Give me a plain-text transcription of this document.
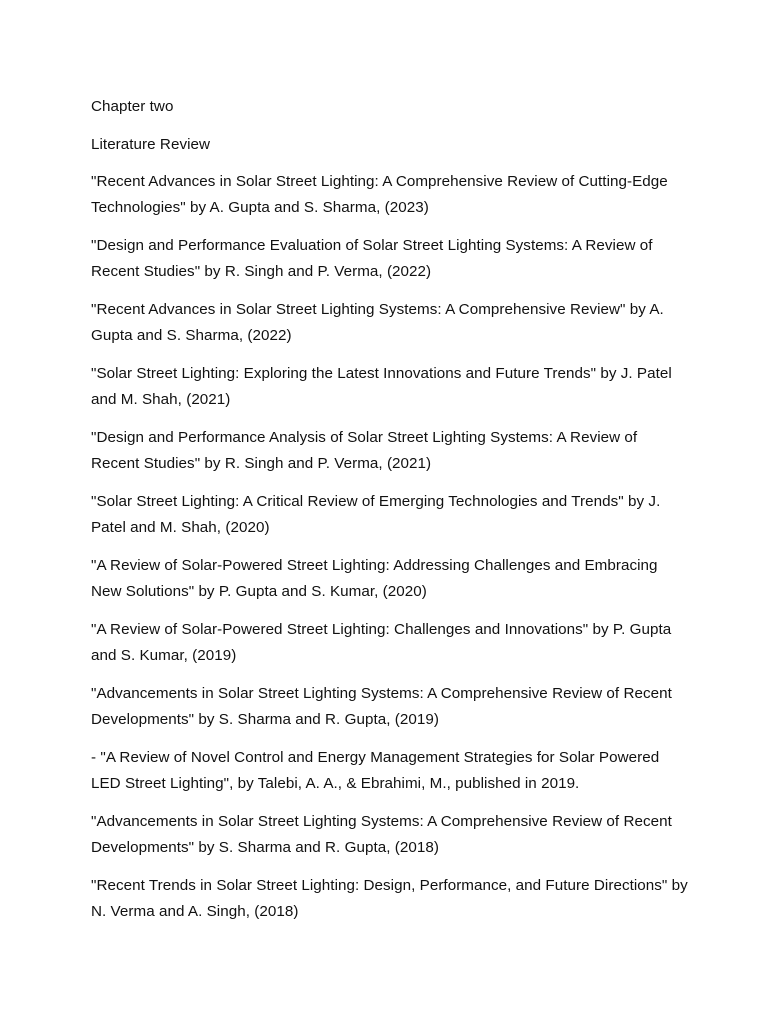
Chapter two

Literature Review

"Recent Advances in Solar Street Lighting: A Comprehensive Review of Cutting-Edge Technologies" by A. Gupta and S. Sharma, (2023)

"Design and Performance Evaluation of Solar Street Lighting Systems: A Review of Recent Studies" by R. Singh and P. Verma, (2022)

"Recent Advances in Solar Street Lighting Systems: A Comprehensive Review" by A. Gupta and S. Sharma, (2022)

"Solar Street Lighting: Exploring the Latest Innovations and Future Trends" by J. Patel and M. Shah, (2021)

"Design and Performance Analysis of Solar Street Lighting Systems: A Review of Recent Studies" by R. Singh and P. Verma, (2021)

"Solar Street Lighting: A Critical Review of Emerging Technologies and Trends" by J. Patel and M. Shah, (2020)

"A Review of Solar-Powered Street Lighting: Addressing Challenges and Embracing New Solutions" by P. Gupta and S. Kumar, (2020)

"A Review of Solar-Powered Street Lighting: Challenges and Innovations" by P. Gupta and S. Kumar, (2019)

"Advancements in Solar Street Lighting Systems: A Comprehensive Review of Recent Developments" by S. Sharma and R. Gupta, (2019)

- "A Review of Novel Control and Energy Management Strategies for Solar Powered LED Street Lighting", by Talebi, A. A., & Ebrahimi, M., published in 2019.

"Advancements in Solar Street Lighting Systems: A Comprehensive Review of Recent Developments" by S. Sharma and R. Gupta, (2018)

"Recent Trends in Solar Street Lighting: Design, Performance, and Future Directions" by N. Verma and A. Singh, (2018)
